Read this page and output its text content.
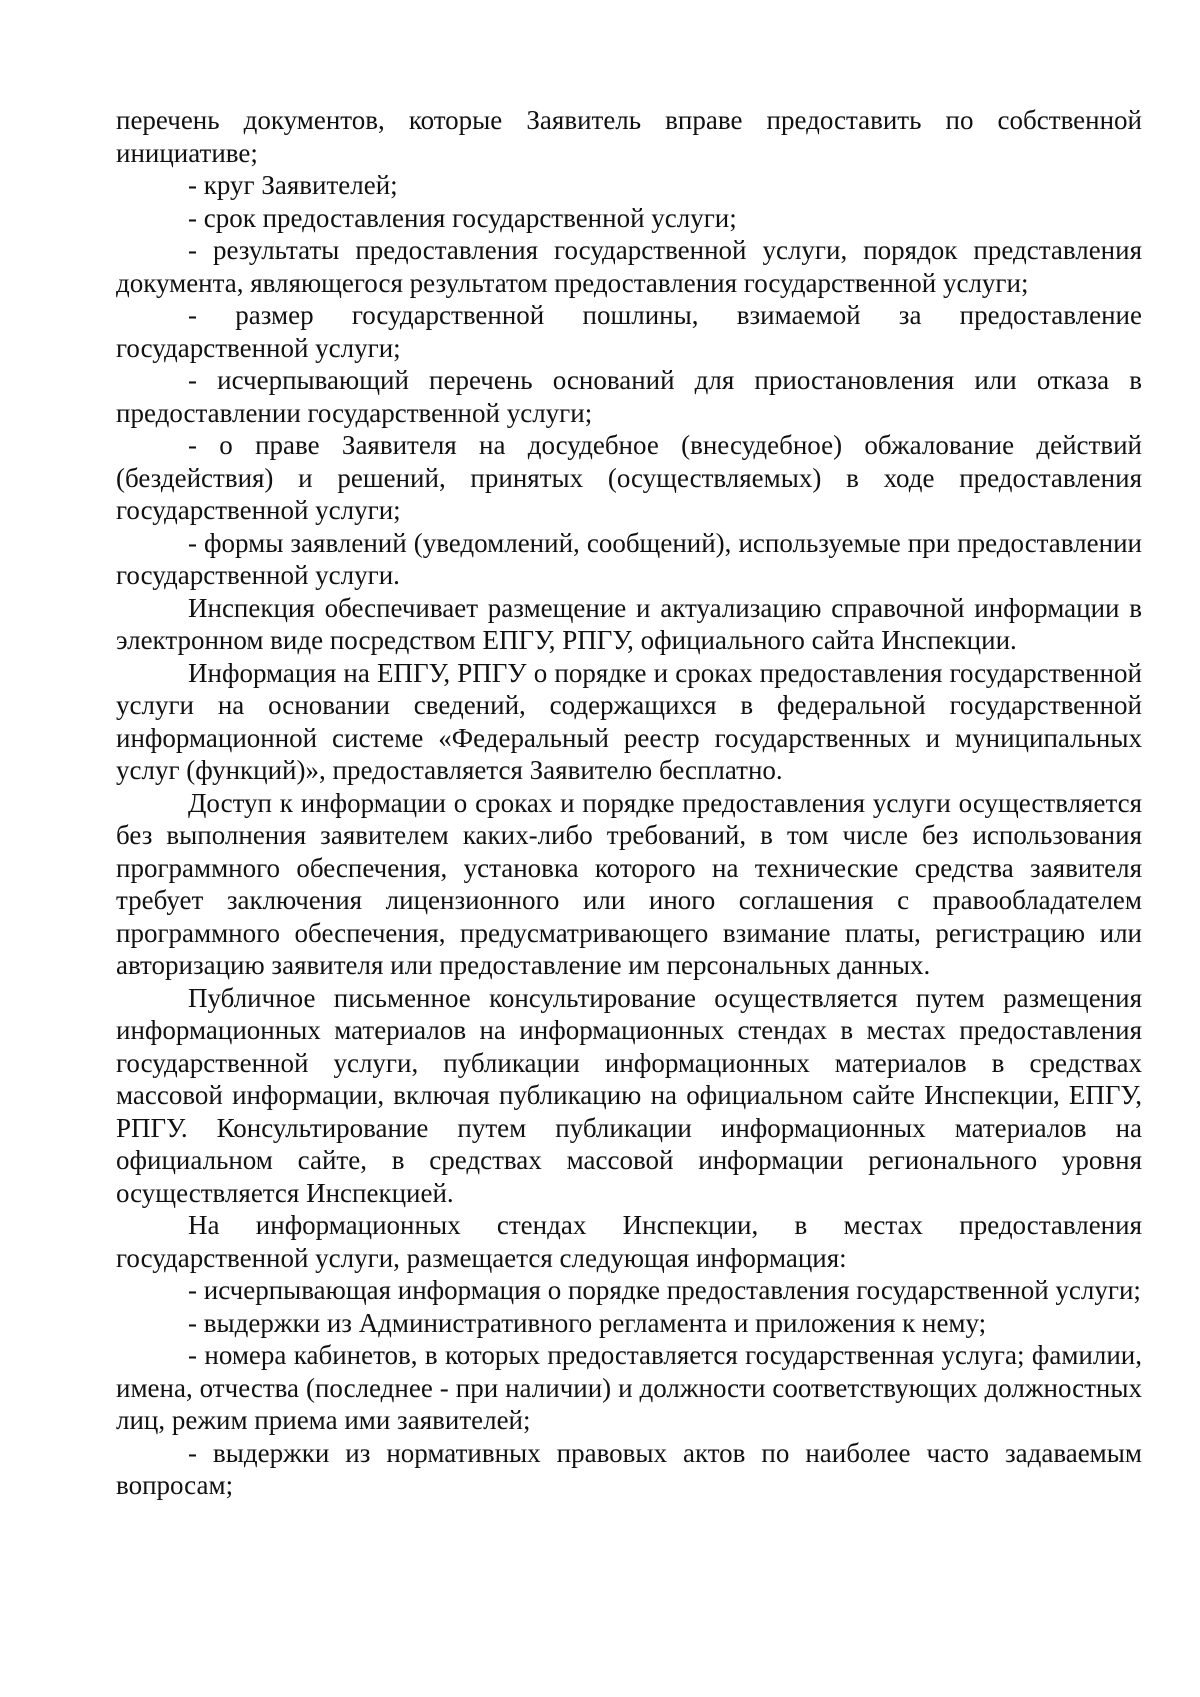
перечень документов, которые Заявитель вправе предоставить по собственной инициативе;

- круг Заявителей;

- срок предоставления государственной услуги;

- результаты предоставления государственной услуги, порядок представления документа, являющегося результатом предоставления государственной услуги;

- размер государственной пошлины, взимаемой за предоставление государственной услуги;

- исчерпывающий перечень оснований для приостановления или отказа в предоставлении государственной услуги;

- о праве Заявителя на досудебное (внесудебное) обжалование действий (бездействия) и решений, принятых (осуществляемых) в ходе предоставления государственной услуги;

- формы заявлений (уведомлений, сообщений), используемые при предоставлении государственной услуги.

Инспекция обеспечивает размещение и актуализацию справочной информации в электронном виде посредством ЕПГУ, РПГУ, официального сайта Инспекции.

Информация на ЕПГУ, РПГУ о порядке и сроках предоставления государственной услуги на основании сведений, содержащихся в федеральной государственной информационной системе «Федеральный реестр государственных и муниципальных услуг (функций)», предоставляется Заявителю бесплатно.

Доступ к информации о сроках и порядке предоставления услуги осуществляется без выполнения заявителем каких-либо требований, в том числе без использования программного обеспечения, установка которого на технические средства заявителя требует заключения лицензионного или иного соглашения с правообладателем программного обеспечения, предусматривающего взимание платы, регистрацию или авторизацию заявителя или предоставление им персональных данных.

Публичное письменное консультирование осуществляется путем размещения информационных материалов на информационных стендах в местах предоставления государственной услуги, публикации информационных материалов в средствах массовой информации, включая публикацию на официальном сайте Инспекции, ЕПГУ, РПГУ. Консультирование путем публикации информационных материалов на официальном сайте, в средствах массовой информации регионального уровня осуществляется Инспекцией.

На информационных стендах Инспекции, в местах предоставления государственной услуги, размещается следующая информация:

- исчерпывающая информация о порядке предоставления государственной услуги;

- выдержки из Административного регламента и приложения к нему;

- номера кабинетов, в которых предоставляется государственная услуга; фамилии, имена, отчества (последнее - при наличии) и должности соответствующих должностных лиц, режим приема ими заявителей;

- выдержки из нормативных правовых актов по наиболее часто задаваемым вопросам;
